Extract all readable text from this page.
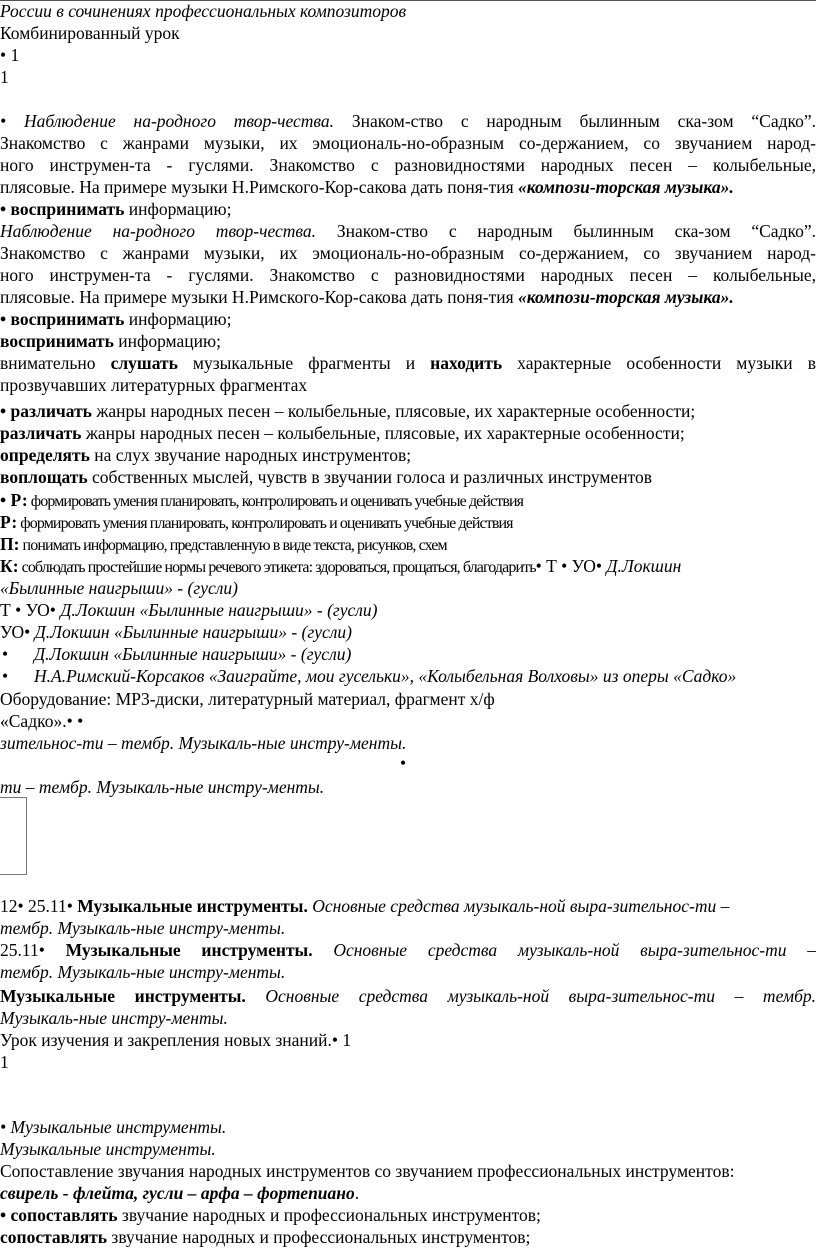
России в сочинениях профессиональных композиторов
Комбинированный урок
• 1
1
• Наблюдение на-родного твор-чества. Знаком-ство с народным былинным ска-зом “Садко”.
Знакомство с жанрами музыки, их эмоциональ-но-образным со-держанием, со звучанием народ-
ного инструмен-та - гуслями. Знакомство с разновидностями народных песен – колыбельные,
плясовые. На примере музыки Н.Римского-Кор-сакова дать поня-тия «компози-торская музыка».
• воспринимать информацию;
Наблюдение на-родного твор-чества. Знаком-ство с народным былинным ска-зом “Садко”.
Знакомство с жанрами музыки, их эмоциональ-но-образным со-держанием, со звучанием народ-
ного инструмен-та - гуслями. Знакомство с разновидностями народных песен – колыбельные,
плясовые. На примере музыки Н.Римского-Кор-сакова дать поня-тия «компози-торская музыка».
• воспринимать информацию;
воспринимать информацию;
внимательно слушать музыкальные фрагменты и находить характерные особенности музыки в
прозвучавших литературных фрагментах
• различать жанры народных песен – колыбельные, плясовые, их характерные особенности;
различать жанры народных песен – колыбельные, плясовые, их характерные особенности;
определять на слух звучание народных инструментов;
воплощать собственных мыслей, чувств в звучании голоса и различных инструментов
• Р: формировать умения планировать, контролировать и оценивать учебные действия
Р: формировать умения планировать, контролировать и оценивать учебные действия
П: понимать информацию, представленную в виде текста, рисунков, схем
К: соблюдать простейшие нормы речевого этикета: здороваться, прощаться, благодарить• Т • УО• Д.Локшин
«Былинные наигрыши» - (гусли)
Т • УО• Д.Локшин «Былинные наигрыши» - (гусли)
УО• Д.Локшин «Былинные наигрыши» - (гусли)
• Д.Локшин «Былинные наигрыши» - (гусли)
• Н.А.Римский-Корсаков «Заиграйте, мои гусельки», «Колыбельная Волховы» из оперы «Садко»
Оборудование: МР3-диски, литературный материал, фрагмент х/ф
«Садко».• •
зительнос-ти – тембр. Музыкаль-ные инстру-менты.
•
ти – тембр. Музыкаль-ные инстру-менты.
12• 25.11• Музыкальные инструменты. Основные средства музыкаль-ной выра-зительнос-ти –
тембр. Музыкаль-ные инстру-менты.
25.11• Музыкальные инструменты. Основные средства музыкаль-ной выра-зительнос-ти –
тембр. Музыкаль-ные инстру-менты.
Музыкальные инструменты. Основные средства музыкаль-ной выра-зительнос-ти – тембр.
Музыкаль-ные инстру-менты.
Урок изучения и закрепления новых знаний.• 1
1
• Музыкальные инструменты.
Музыкальные инструменты.
Сопоставление звучания народных инструментов со звучанием профессиональных инструментов:
свирель - флейта, гусли – арфа – фортепиано.
• сопоставлять звучание народных и профессиональных инструментов;
сопоставлять звучание народных и профессиональных инструментов;
